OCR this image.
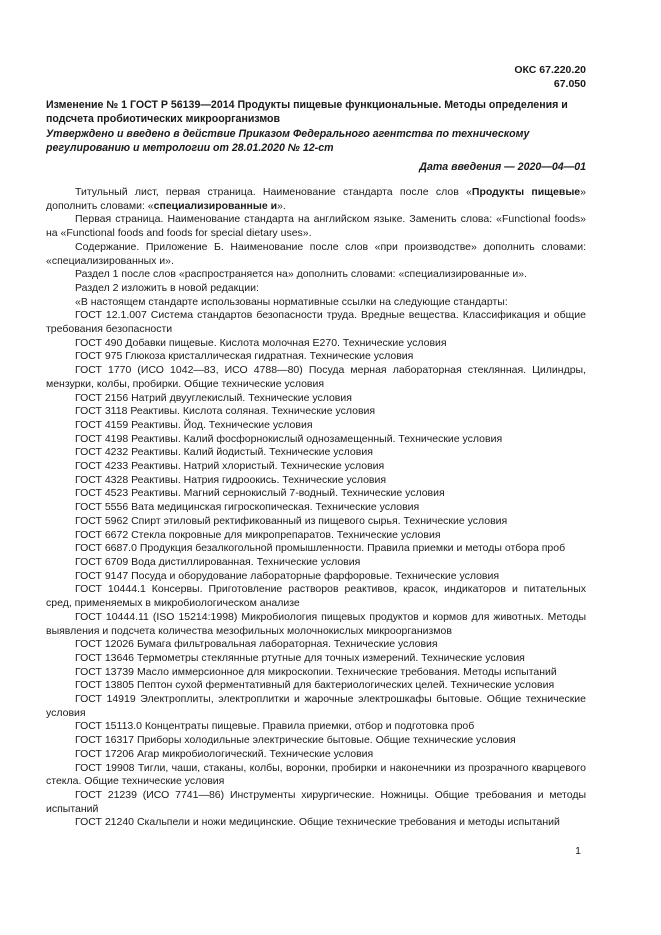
ОКС 67.220.20
67.050
Изменение № 1 ГОСТ Р 56139—2014 Продукты пищевые функциональные. Методы определения и подсчета пробиотических микроорганизмов
Утверждено и введено в действие Приказом Федерального агентства по техническому регулированию и метрологии от 28.01.2020 № 12-ст
Дата введения — 2020—04—01

Титульный лист, первая страница. Наименование стандарта после слов «Продукты пищевые» дополнить словами: «специализированные и».

Первая страница. Наименование стандарта на английском языке. Заменить слова: «Functional foods» на «Functional foods and foods for special dietary uses».

Содержание. Приложение Б. Наименование после слов «при производстве» дополнить словами: «специализированных и».

Раздел 1 после слов «распространяется на» дополнить словами: «специализированные и».

Раздел 2 изложить в новой редакции:

«В настоящем стандарте использованы нормативные ссылки на следующие стандарты:

ГОСТ 12.1.007 Система стандартов безопасности труда. Вредные вещества. Классификация и общие требования безопасности

ГОСТ 490 Добавки пищевые. Кислота молочная Е270. Технические условия

ГОСТ 975 Глюкоза кристаллическая гидратная. Технические условия

ГОСТ 1770 (ИСО 1042—83, ИСО 4788—80) Посуда мерная лабораторная стеклянная. Цилиндры, мензурки, колбы, пробирки. Общие технические условия

ГОСТ 2156 Натрий двууглекислый. Технические условия

ГОСТ 3118 Реактивы. Кислота соляная. Технические условия

ГОСТ 4159 Реактивы. Йод. Технические условия

ГОСТ 4198 Реактивы. Калий фосфорнокислый однозамещенный. Технические условия

ГОСТ 4232 Реактивы. Калий йодистый. Технические условия

ГОСТ 4233 Реактивы. Натрий хлористый. Технические условия

ГОСТ 4328 Реактивы. Натрия гидроокись. Технические условия

ГОСТ 4523 Реактивы. Магний сернокислый 7-водный. Технические условия

ГОСТ 5556 Вата медицинская гигроскопическая. Технические условия

ГОСТ 5962 Спирт этиловый ректификованный из пищевого сырья. Технические условия

ГОСТ 6672 Стекла покровные для микропрепаратов. Технические условия

ГОСТ 6687.0 Продукция безалкогольной промышленности. Правила приемки и методы отбора проб

ГОСТ 6709 Вода дистиллированная. Технические условия

ГОСТ 9147 Посуда и оборудование лабораторные фарфоровые. Технические условия

ГОСТ 10444.1 Консервы. Приготовление растворов реактивов, красок, индикаторов и питательных сред, применяемых в микробиологическом анализе

ГОСТ 10444.11 (ISO 15214:1998) Микробиология пищевых продуктов и кормов для животных. Методы выявления и подсчета количества мезофильных молочнокислых микроорганизмов

ГОСТ 12026 Бумага фильтровальная лабораторная. Технические условия

ГОСТ 13646 Термометры стеклянные ртутные для точных измерений. Технические условия

ГОСТ 13739 Масло иммерсионное для микроскопии. Технические требования. Методы испытаний

ГОСТ 13805 Пептон сухой ферментативный для бактериологических целей. Технические условия

ГОСТ 14919 Электроплиты, электроплитки и жарочные электрошкафы бытовые. Общие технические условия

ГОСТ 15113.0 Концентраты пищевые. Правила приемки, отбор и подготовка проб

ГОСТ 16317 Приборы холодильные электрические бытовые. Общие технические условия

ГОСТ 17206 Агар микробиологический. Технические условия

ГОСТ 19908 Тигли, чаши, стаканы, колбы, воронки, пробирки и наконечники из прозрачного кварцевого стекла. Общие технические условия

ГОСТ 21239 (ИСО 7741—86) Инструменты хирургические. Ножницы. Общие требования и методы испытаний

ГОСТ 21240 Скальпели и ножи медицинские. Общие технические требования и методы испытаний

1
